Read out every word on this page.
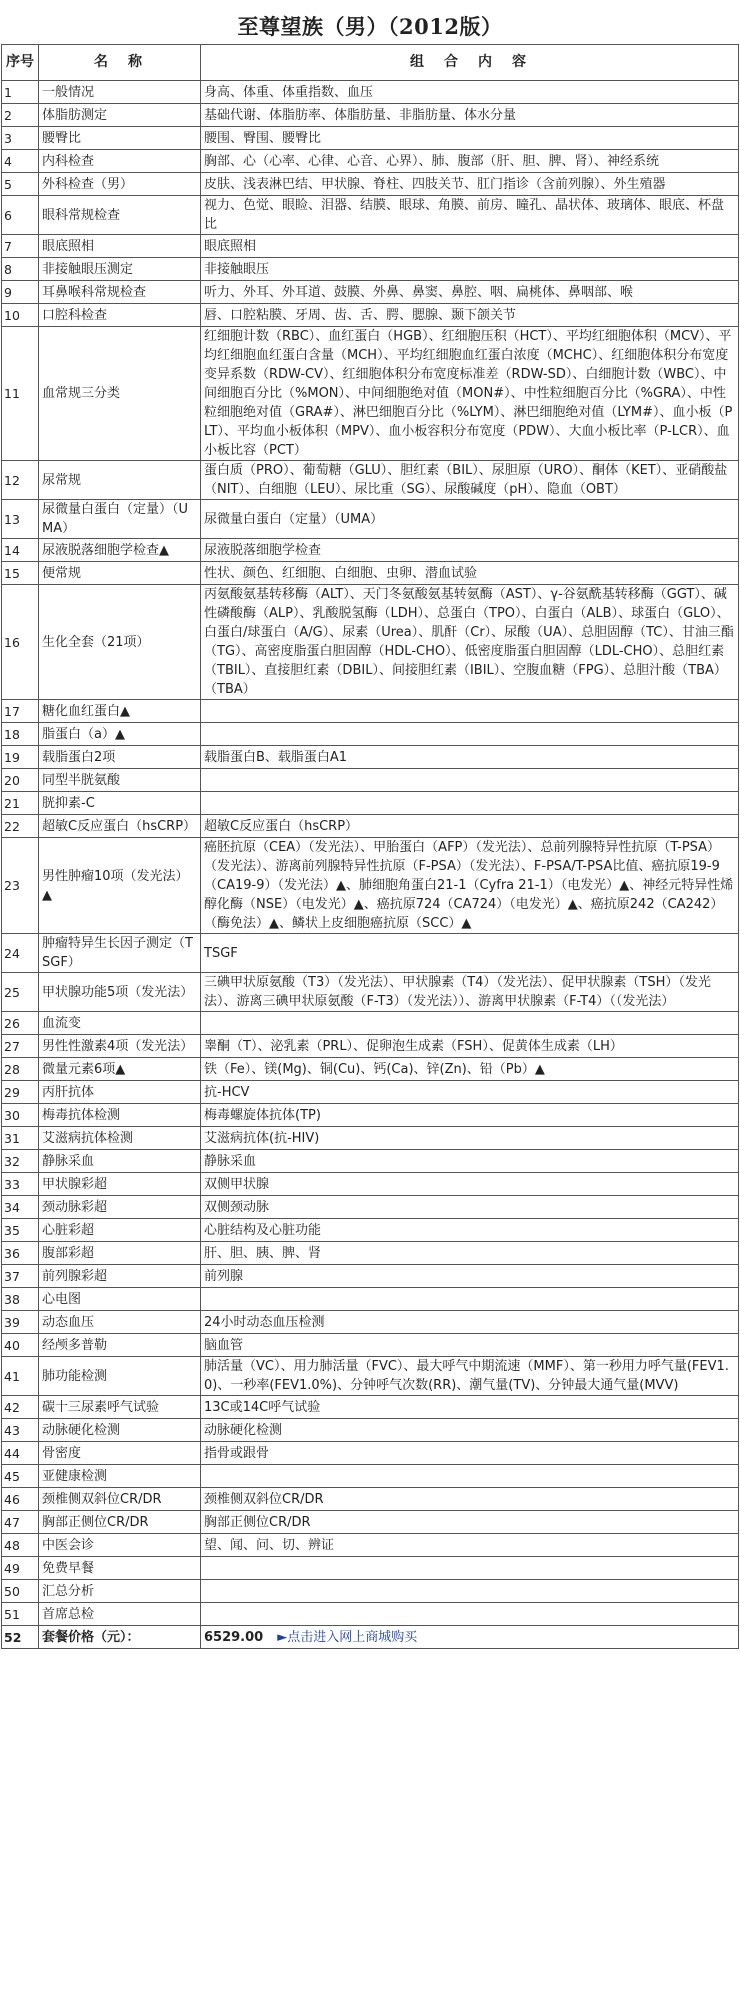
至尊望族（男）（2012版）
序号	名　称	组　合　内　容
1	一般情况	身高、体重、体重指数、血压
2	体脂肪测定	基础代谢、体脂肪率、体脂肪量、非脂肪量、体水分量
3	腰臀比	腰围、臀围、腰臀比
4	内科检查	胸部、心（心率、心律、心音、心界）、肺、腹部（肝、胆、脾、肾）、神经系统
5	外科检查（男）	皮肤、浅表淋巴结、甲状腺、脊柱、四肢关节、肛门指诊（含前列腺）、外生殖器
6	眼科常规检查	视力、色觉、眼睑、泪器、结膜、眼球、角膜、前房、瞳孔、晶状体、玻璃体、眼底、杯盘比
7	眼底照相	眼底照相
8	非接触眼压测定	非接触眼压
9	耳鼻喉科常规检查	听力、外耳、外耳道、鼓膜、外鼻、鼻窦、鼻腔、咽、扁桃体、鼻咽部、喉
10	口腔科检查	唇、口腔粘膜、牙周、齿、舌、腭、腮腺、颞下颌关节
11	血常规三分类	红细胞计数（RBC）、血红蛋白（HGB）、红细胞压积（HCT）、平均红细胞体积（MCV）、平均红细胞血红蛋白含量（MCH）、平均红细胞血红蛋白浓度（MCHC）、红细胞体积分布宽度变异系数（RDW-CV）、红细胞体积分布宽度标准差（RDW-SD）、白细胞计数（WBC）、中间细胞百分比（%MON）、中间细胞绝对值（MON#）、中性粒细胞百分比（%GRA）、中性粒细胞绝对值（GRA#）、淋巴细胞百分比（%LYM）、淋巴细胞绝对值（LYM#）、血小板（PLT）、平均血小板体积（MPV）、血小板容积分布宽度（PDW）、大血小板比率（P-LCR）、血小板比容（PCT）
12	尿常规	蛋白质（PRO）、葡萄糖（GLU）、胆红素（BIL）、尿胆原（URO）、酮体（KET）、亚硝酸盐（NIT）、白细胞（LEU）、尿比重（SG）、尿酸碱度（pH）、隐血（OBT）
13	尿微量白蛋白（定量）（UMA）	尿微量白蛋白（定量）（UMA）
14	尿液脱落细胞学检查▲	尿液脱落细胞学检查
15	便常规	性状、颜色、红细胞、白细胞、虫卵、潜血试验
16	生化全套（21项）	丙氨酸氨基转移酶（ALT）、天门冬氨酸氨基转氨酶（AST）、γ-谷氨酰基转移酶（GGT）、碱性磷酸酶（ALP）、乳酸脱氢酶（LDH）、总蛋白（TPO）、白蛋白（ALB）、球蛋白（GLO）、白蛋白/球蛋白（A/G）、尿素（Urea）、肌酐（Cr）、尿酸（UA）、总胆固醇（TC）、甘油三酯（TG）、高密度脂蛋白胆固醇（HDL-CHO）、低密度脂蛋白胆固醇（LDL-CHO）、总胆红素（TBIL）、直接胆红素（DBIL）、间接胆红素（IBIL）、空腹血糖（FPG）、总胆汁酸（TBA）（TBA）
17	糖化血红蛋白▲	
18	脂蛋白（a）▲	
19	载脂蛋白2项	载脂蛋白B、载脂蛋白A1
20	同型半胱氨酸	
21	胱抑素-C	
22	超敏C反应蛋白（hsCRP）	超敏C反应蛋白（hsCRP）
23	男性肿瘤10项（发光法）▲	癌胚抗原（CEA）（发光法）、甲胎蛋白（AFP）（发光法）、总前列腺特异性抗原（T-PSA）（发光法）、游离前列腺特异性抗原（F-PSA）（发光法）、F-PSA/T-PSA比值、癌抗原19-9（CA19-9）（发光法）▲、肺细胞角蛋白21-1（Cyfra 21-1）（电发光）▲、神经元特异性烯醇化酶（NSE）（电发光）▲、癌抗原724（CA724）（电发光）▲、癌抗原242（CA242）（酶免法）▲、鳞状上皮细胞癌抗原（SCC）▲
24	肿瘤特异生长因子测定（TSGF）	TSGF
25	甲状腺功能5项（发光法）	三碘甲状原氨酸（T3）（发光法）、甲状腺素（T4）（发光法）、促甲状腺素（TSH）（发光法）、游离三碘甲状原氨酸（F-T3）（发光法））、游离甲状腺素（F-T4）（（发光法）
26	血流变	
27	男性性激素4项（发光法）	睾酮（T）、泌乳素（PRL）、促卵泡生成素（FSH）、促黄体生成素（LH）
28	微量元素6项▲	铁（Fe）、镁(Mg)、铜(Cu)、钙(Ca)、锌(Zn)、铅（Pb）▲
29	丙肝抗体	抗-HCV
30	梅毒抗体检测	梅毒螺旋体抗体(TP)
31	艾滋病抗体检测	艾滋病抗体(抗-HIV)
32	静脉采血	静脉采血
33	甲状腺彩超	双侧甲状腺
34	颈动脉彩超	双侧颈动脉
35	心脏彩超	心脏结构及心脏功能
36	腹部彩超	肝、胆、胰、脾、肾
37	前列腺彩超	前列腺
38	心电图	
39	动态血压	24小时动态血压检测
40	经颅多普勒	脑血管
41	肺功能检测	肺活量（VC）、用力肺活量（FVC）、最大呼气中期流速（MMF）、第一秒用力呼气量(FEV1.0)、一秒率(FEV1.0%)、分钟呼气次数(RR)、潮气量(TV)、分钟最大通气量(MVV)
42	碳十三尿素呼气试验	13C或14C呼气试验
43	动脉硬化检测	动脉硬化检测
44	骨密度	指骨或跟骨
45	亚健康检测	
46	颈椎侧双斜位CR/DR	颈椎侧双斜位CR/DR
47	胸部正侧位CR/DR	胸部正侧位CR/DR
48	中医会诊	望、闻、问、切、辨证
49	免费早餐	
50	汇总分析	
51	首席总检	
52	套餐价格（元）：	6529.00 ►点击进入网上商城购买
